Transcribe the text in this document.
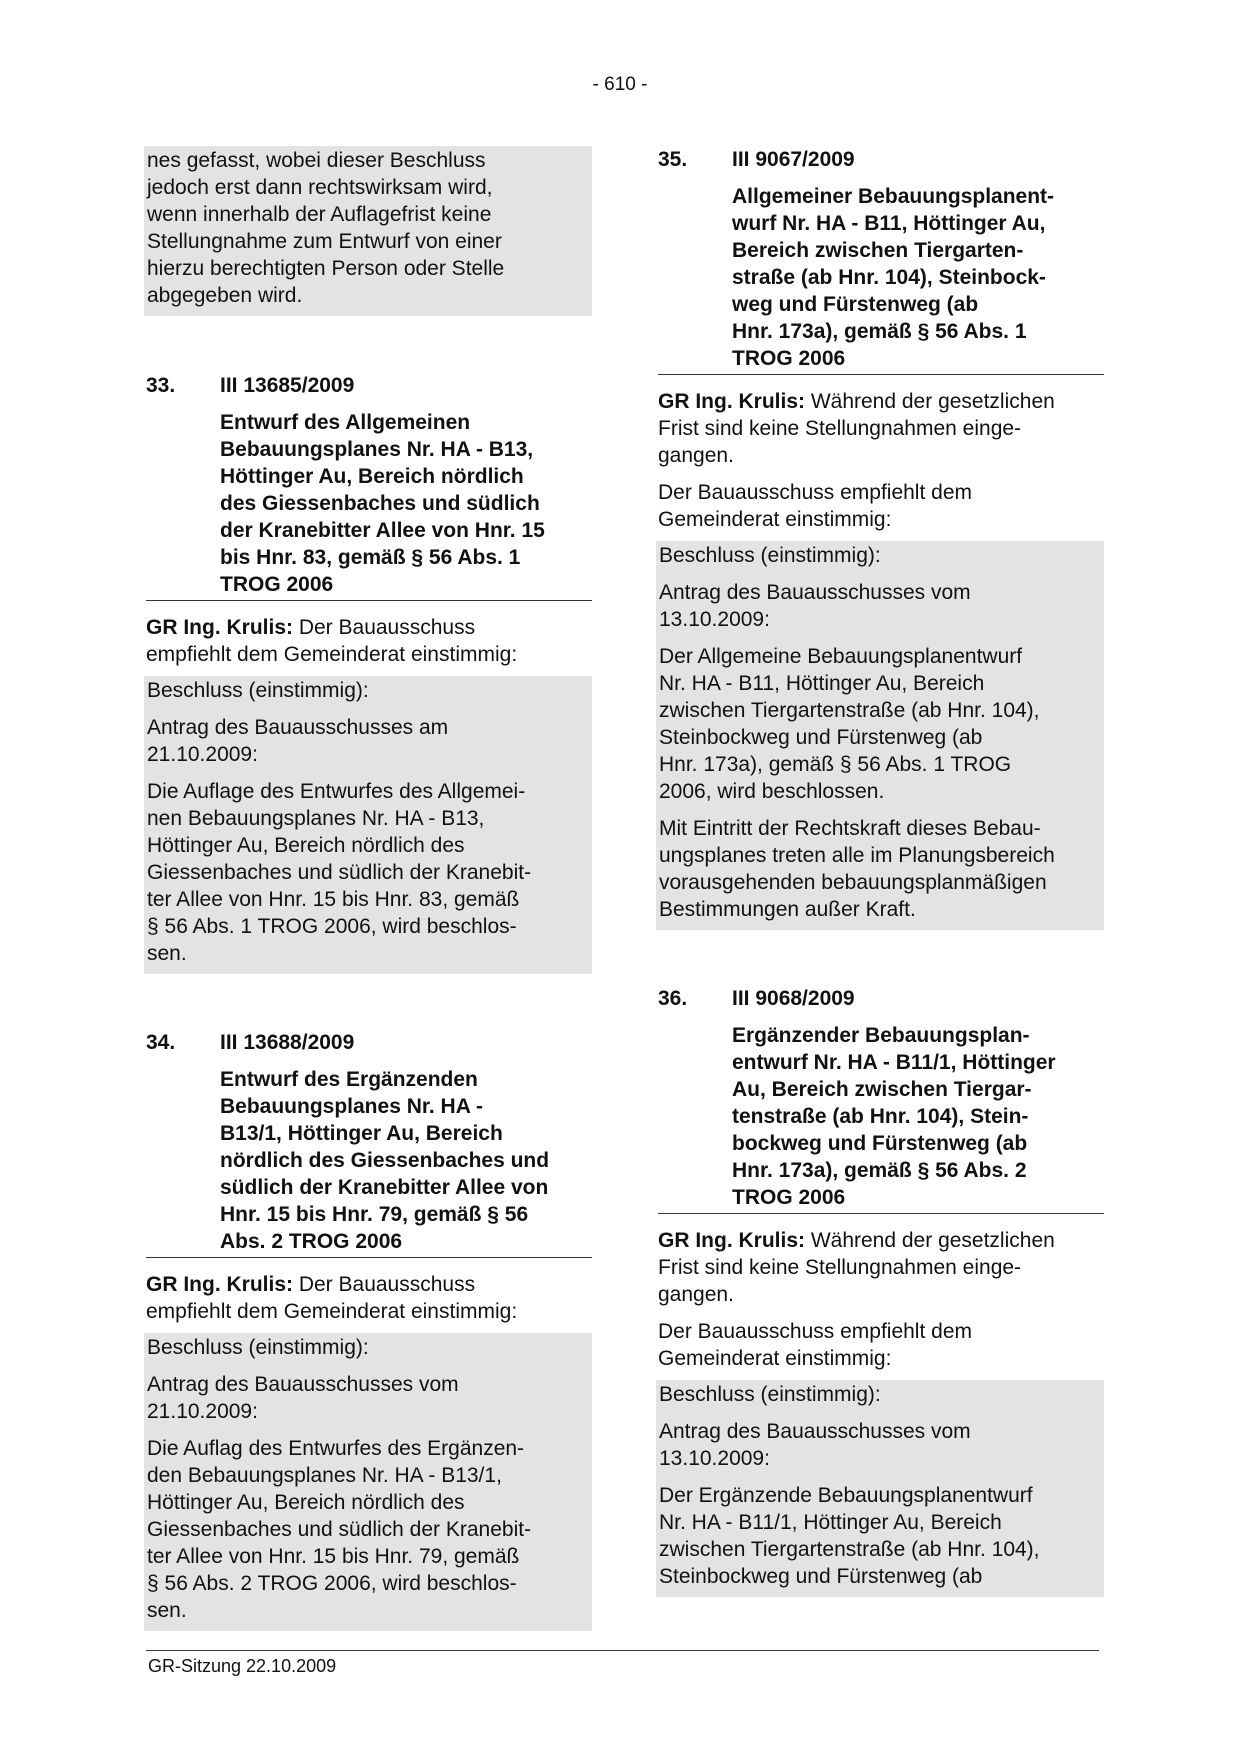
- 610 -

nes gefasst, wobei dieser Beschluss
jedoch erst dann rechtswirksam wird,
wenn innerhalb der Auflagefrist keine
Stellungnahme zum Entwurf von einer
hierzu berechtigten Person oder Stelle
abgegeben wird.

33.	III 13685/2009
Entwurf des Allgemeinen
Bebauungsplanes Nr. HA - B13,
Höttinger Au, Bereich nördlich
des Giessenbaches und südlich
der Kranebitter Allee von Hnr. 15
bis Hnr. 83, gemäß § 56 Abs. 1
TROG 2006
GR Ing. Krulis: Der Bauausschuss
empfiehlt dem Gemeinderat einstimmig:

Beschluss (einstimmig):

Antrag des Bauausschusses am
21.10.2009:

Die Auflage des Entwurfes des Allgemei-
nen Bebauungsplanes Nr. HA - B13,
Höttinger Au, Bereich nördlich des
Giessenbaches und südlich der Kranebit-
ter Allee von Hnr. 15 bis Hnr. 83, gemäß
§ 56 Abs. 1 TROG 2006, wird beschlos-
sen.

34.	III 13688/2009
Entwurf des Ergänzenden
Bebauungsplanes Nr. HA -
B13/1, Höttinger Au, Bereich
nördlich des Giessenbaches und
südlich der Kranebitter Allee von
Hnr. 15 bis Hnr. 79, gemäß § 56
Abs. 2 TROG 2006
GR Ing. Krulis: Der Bauausschuss
empfiehlt dem Gemeinderat einstimmig:

Beschluss (einstimmig):

Antrag des Bauausschusses vom
21.10.2009:

Die Auflag des Entwurfes des Ergänzen-
den Bebauungsplanes Nr. HA - B13/1,
Höttinger Au, Bereich nördlich des
Giessenbaches und südlich der Kranebit-
ter Allee von Hnr. 15 bis Hnr. 79, gemäß
§ 56 Abs. 2 TROG 2006, wird beschlos-
sen.

35.	III 9067/2009
Allgemeiner Bebauungsplanent-
wurf Nr. HA - B11, Höttinger Au,
Bereich zwischen Tiergarten-
straße (ab Hnr. 104), Steinbock-
weg und Fürstenweg (ab
Hnr. 173a), gemäß § 56 Abs. 1
TROG 2006
GR Ing. Krulis: Während der gesetzlichen
Frist sind keine Stellungnahmen einge-
gangen.
Der Bauausschuss empfiehlt dem
Gemeinderat einstimmig:

Beschluss (einstimmig):

Antrag des Bauausschusses vom
13.10.2009:

Der Allgemeine Bebauungsplanentwurf
Nr. HA - B11, Höttinger Au, Bereich
zwischen Tiergartenstraße (ab Hnr. 104),
Steinbockweg und Fürstenweg (ab
Hnr. 173a), gemäß § 56 Abs. 1 TROG
2006, wird beschlossen.

Mit Eintritt der Rechtskraft dieses Bebau-
ungsplanes treten alle im Planungsbereich
vorausgehenden bebauungsplanmäßigen
Bestimmungen außer Kraft.

36.	III 9068/2009
Ergänzender Bebauungsplan-
entwurf Nr. HA - B11/1, Höttinger
Au, Bereich zwischen Tiergar-
tenstraße (ab Hnr. 104), Stein-
bockweg und Fürstenweg (ab
Hnr. 173a), gemäß § 56 Abs. 2
TROG 2006
GR Ing. Krulis: Während der gesetzlichen
Frist sind keine Stellungnahmen einge-
gangen.
Der Bauausschuss empfiehlt dem
Gemeinderat einstimmig:

Beschluss (einstimmig):

Antrag des Bauausschusses vom
13.10.2009:

Der Ergänzende Bebauungsplanentwurf
Nr. HA - B11/1, Höttinger Au, Bereich
zwischen Tiergartenstraße (ab Hnr. 104),
Steinbockweg und Fürstenweg (ab

GR-Sitzung 22.10.2009
